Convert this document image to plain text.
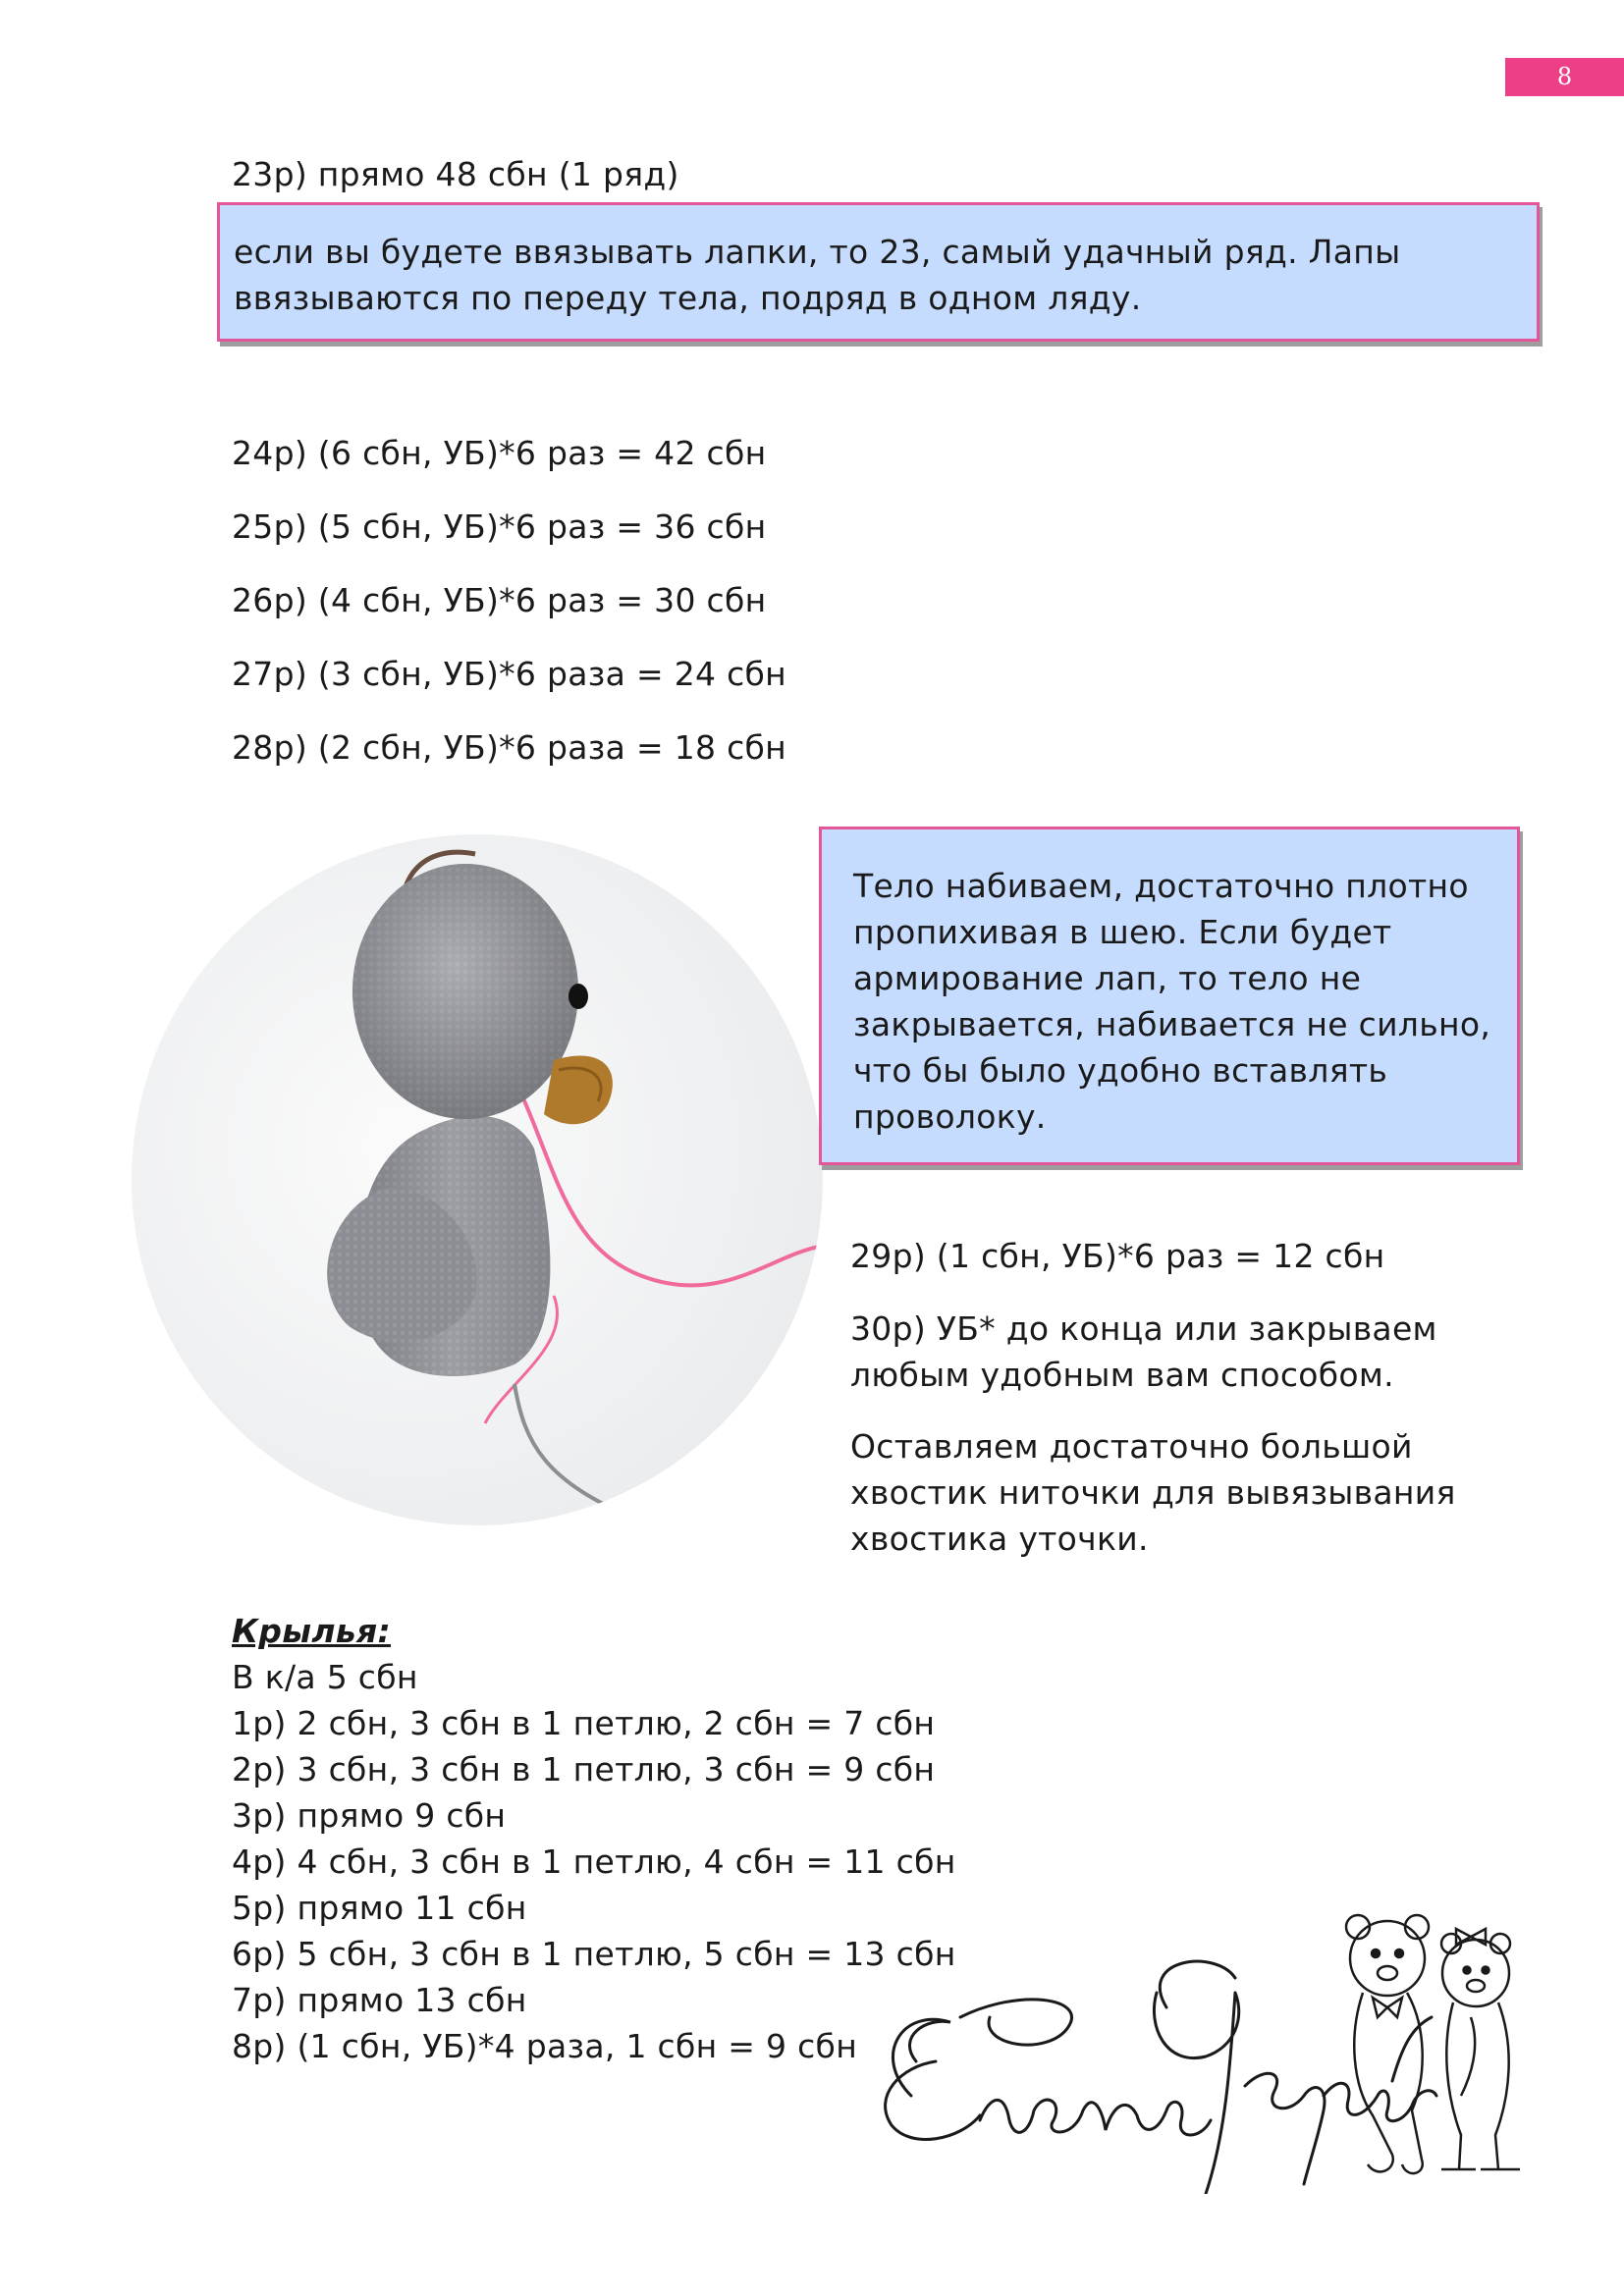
8

23р) прямо 48 сбн (1 ряд)

если вы будете ввязывать лапки, то 23, самый удачный ряд. Лапы

ввязываются по переду тела, подряд в одном ляду.

24р) (6 сбн, УБ)*6 раз = 42 сбн

25р) (5 сбн, УБ)*6 раз = 36 сбн

26р) (4 сбн, УБ)*6 раз = 30 сбн

27р) (3 сбн, УБ)*6 раза = 24 сбн

28р) (2 сбн, УБ)*6 раза = 18 сбн

Тело набиваем, достаточно плотно

пропихивая в шею. Если будет

армирование лап, то тело не

закрывается, набивается не сильно,

что бы было удобно вставлять

проволоку.

29р) (1 сбн, УБ)*6 раз = 12 сбн

30р) УБ* до конца или закрываем

любым удобным вам способом.

Оставляем достаточно большой

хвостик ниточки для вывязывания

хвостика уточки.

Крылья:

В к/а 5 сбн

1р) 2 сбн, 3 сбн в 1 петлю, 2 сбн = 7 сбн

2р) 3 сбн, 3 сбн в 1 петлю, 3 сбн = 9 сбн

3р) прямо 9 сбн

4р) 4 сбн, 3 сбн в 1 петлю, 4 сбн = 11 сбн

5р) прямо 11 сбн

6р) 5 сбн, 3 сбн в 1 петлю, 5 сбн = 13 сбн

7р) прямо 13 сбн

8р) (1 сбн, УБ)*4 раза, 1 сбн = 9 сбн
